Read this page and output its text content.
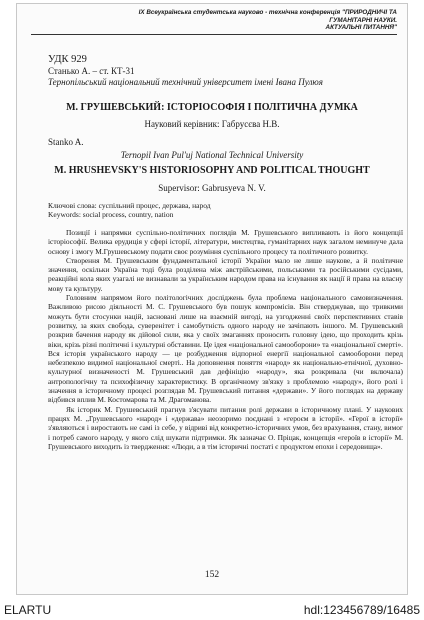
IX Всеукраїнська студентська науково - технічна конференція "ПРИРОДНИЧІ ТА ГУМАНІТАРНІ НАУКИ.
АКТУАЛЬНІ ПИТАННЯ"
УДК 929
Станько А. – ст. КТ-31
Тернопільський національний технічний університет імені Івана Пулюя
М. ГРУШЕВСЬКИЙ: ІСТОРІОСОФІЯ І ПОЛІТИЧНА ДУМКА
Науковий керівник: Габрусєва Н.В.
Stanko A.
Ternopil Ivan Pul'uj National Technical University
M. HRUSHEVSKY'S HISTORIOSOPHY AND POLITICAL THOUGHT
Supervisor: Gabrusyeva N. V.
Ключові слова: суспільний процес, держава, народ
Keywords: social process, country, nation

Позиції і напрямки суспільно-політичних поглядів М. Грушевського випливають із його концепції історіософії. Велика ерудиція у сфері історії, літератури, мистецтва, гуманітарних наук загалом неминуче дала основу і змогу М.Грушевському подати своє розуміння суспільного процесу та політичного розвитку.

Створення М. Грушевським фундаментальної історії України мало не лише наукове, а й політичне значення, оскільки Україна тоді була розділена між австрійськими, польськими та російськими сусідами, реакційні кола яких узагалі не визнавали за українським народом права на існування як нації й права на власну мову та культуру.

Головним напрямом його політологічних досліджень була проблема національного самовизначення. Важливою рисою діяльності М. С. Грушевського був пошук компромісів. Він стверджував, що тривкими можуть бути стосунки націй, засновані лише на взаємній вигоді, на узгодженні своїх перспективних ставів розвитку, за яких свобода, суверенітет і самобутність одного народу не зачіпають іншого. М. Грушевський розкрив бачення народу як дійової сили, яка у своїх змаганнях проносить головну ідею, що проходить крізь віки, крізь різні політичні і культурні обставини. Це ідея «національної самооборони» та «національної смерті». Вся історія українського народу — це розбудження відпорної енергії національної самооборони перед небезпекою видимої національної смерті.. На доповнення поняття «народ» як національно-етнічної, духовно-культурної визначеності М. Грушевський дав дефініцію «народу», яка розкривала (чи включала) антропологічну та психофізичну характеристику. В органічному зв'язку з проблемою «народу», його ролі і значення в історичному процесі розглядав М. Грушевський питання «держави». У його поглядах на державу відбився вплив М. Костомарова та М. Драгоманова.

Як історик М. Грушевський прагнув з'ясувати питання ролі держави в історичному плані. У наукових працях М. „Грушевського «народ» і «держава» неозоримо поєднані з «героєм в історії». «Герої в історії» з'являються і виростають не самі із себе, у відриві від конкретно-історичних умов, без врахування, стану, вимог і потреб самого народу, у якого слід шукати підтримки. Як зазначає О. Пріцак, концепція «героїв в історії» М. Грушевського виходить із твердження: «Люди, а в тім історичні постаті є продуктом епохи і середовища».

152
ELARTU	hdl:123456789/16485
